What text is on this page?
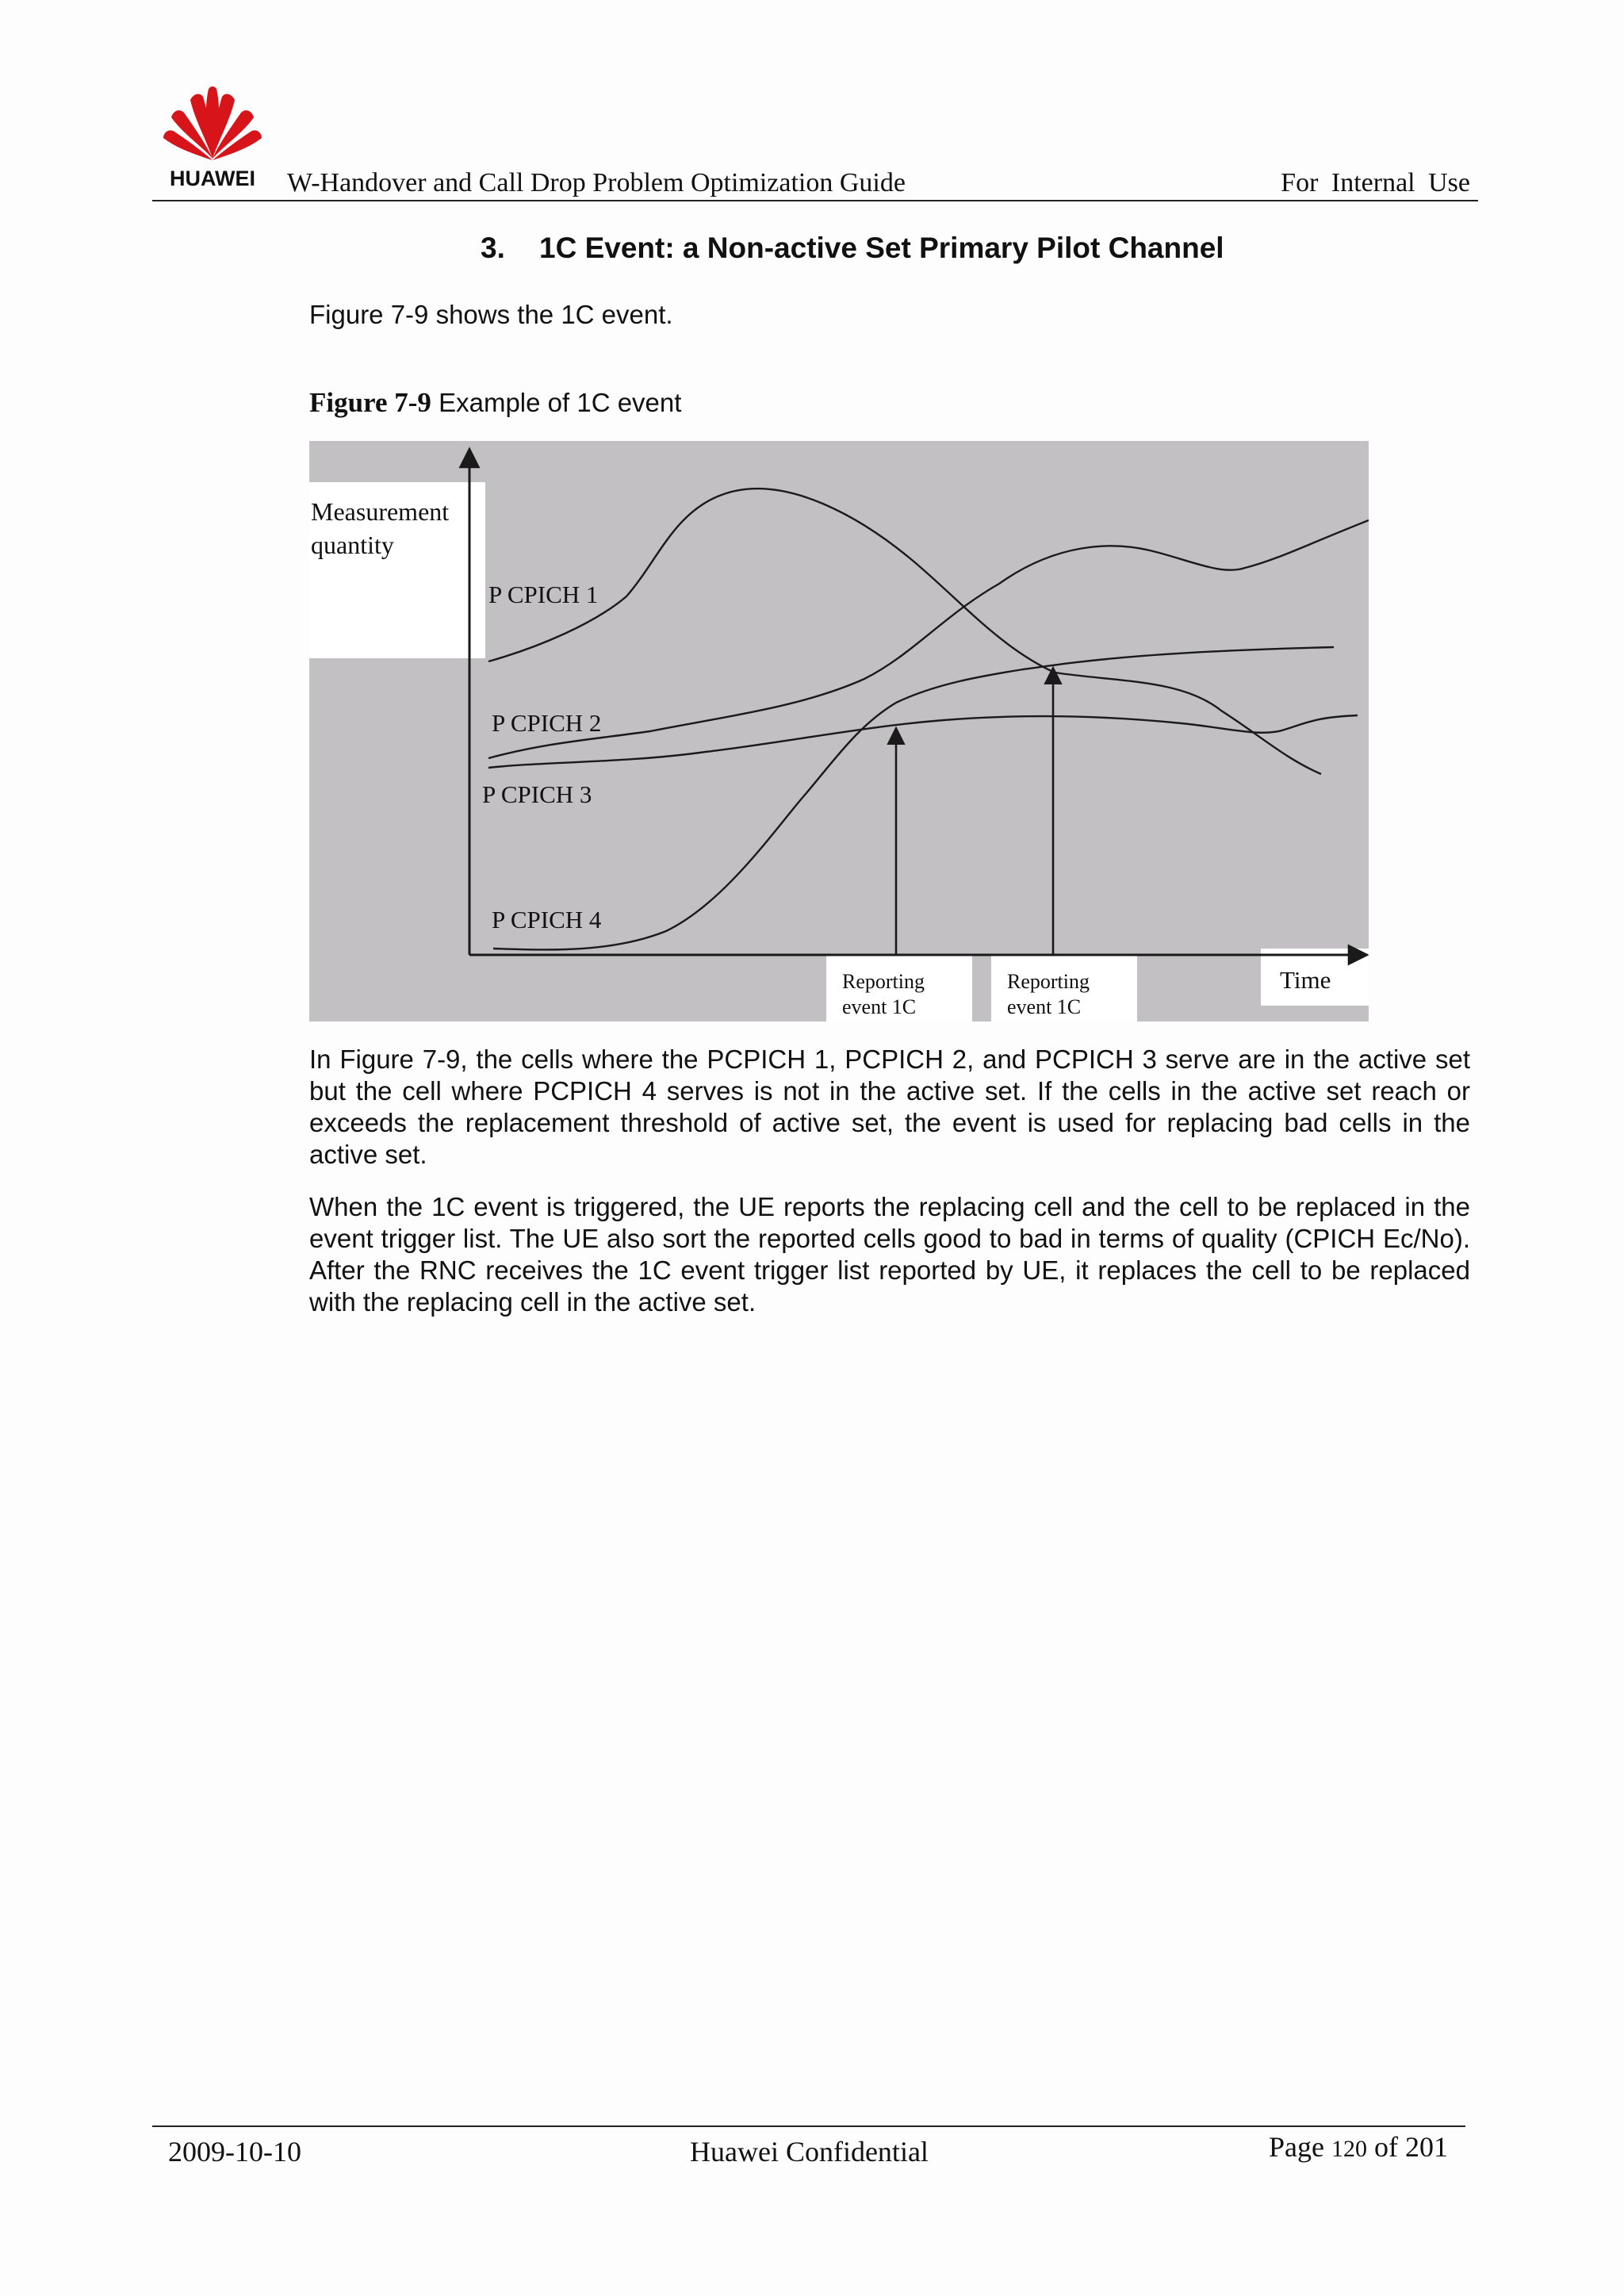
HUAWEI W-Handover and Call Drop Problem Optimization Guide	For Internal Use
3. 1C Event: a Non-active Set Primary Pilot Channel
Figure 7-9 shows the 1C event.
Figure 7-9 Example of 1C event
Measurement
quantity
P CPICH 1
P CPICH 2
P CPICH 3
P CPICH 4
Reporting
event 1C
Reporting
event 1C
Time
In Figure 7-9, the cells where the PCPICH 1, PCPICH 2, and PCPICH 3 serve are in the active set but the cell where PCPICH 4 serves is not in the active set. If the cells in the active set reach or exceeds the replacement threshold of active set, the event is used for replacing bad cells in the active set.
When the 1C event is triggered, the UE reports the replacing cell and the cell to be replaced in the event trigger list. The UE also sort the reported cells good to bad in terms of quality (CPICH Ec/No). After the RNC receives the 1C event trigger list reported by UE, it replaces the cell to be replaced with the replacing cell in the active set.
2009-10-10	Huawei Confidential	Page 120 of 201
